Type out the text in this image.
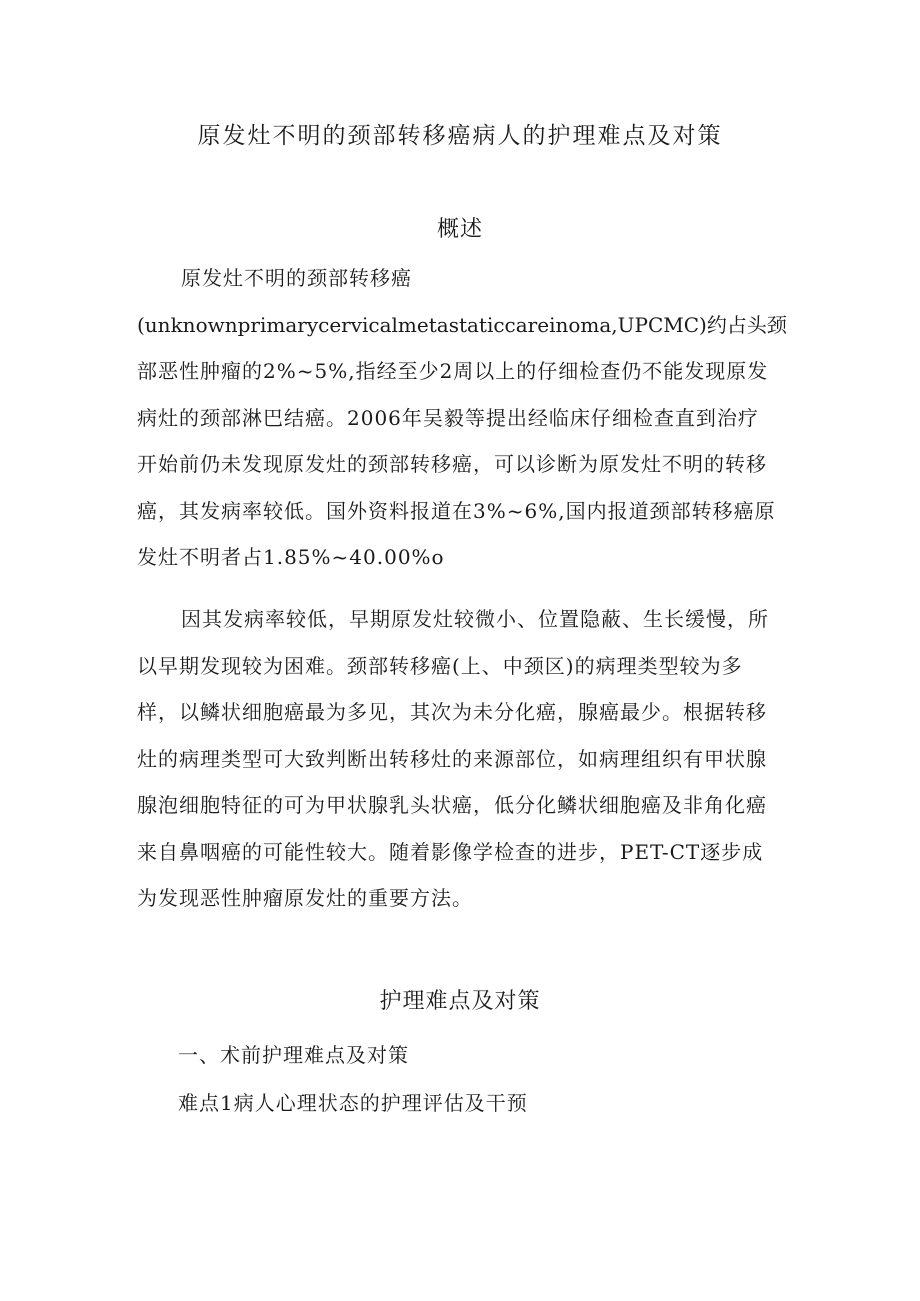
原发灶不明的颈部转移癌病人的护理难点及对策
概述
原发灶不明的颈部转移癌
(unknownprimarycervicalmetastaticcareinoma,UPCMC)约占头颈
部恶性肿瘤的2%~5%,指经至少2周以上的仔细检查仍不能发现原发
病灶的颈部淋巴结癌。2006年吴毅等提出经临床仔细检查直到治疗
开始前仍未发现原发灶的颈部转移癌，可以诊断为原发灶不明的转移
癌，其发病率较低。国外资料报道在3%~6%,国内报道颈部转移癌原
发灶不明者占1.85%~40.00%o
因其发病率较低，早期原发灶较微小、位置隐蔽、生长缓慢，所
以早期发现较为困难。颈部转移癌(上、中颈区)的病理类型较为多
样，以鳞状细胞癌最为多见，其次为未分化癌，腺癌最少。根据转移
灶的病理类型可大致判断出转移灶的来源部位，如病理组织有甲状腺
腺泡细胞特征的可为甲状腺乳头状癌，低分化鳞状细胞癌及非角化癌
来自鼻咽癌的可能性较大。随着影像学检查的进步，PET-CT逐步成
为发现恶性肿瘤原发灶的重要方法。
护理难点及对策
一、术前护理难点及对策
难点1病人心理状态的护理评估及干预
